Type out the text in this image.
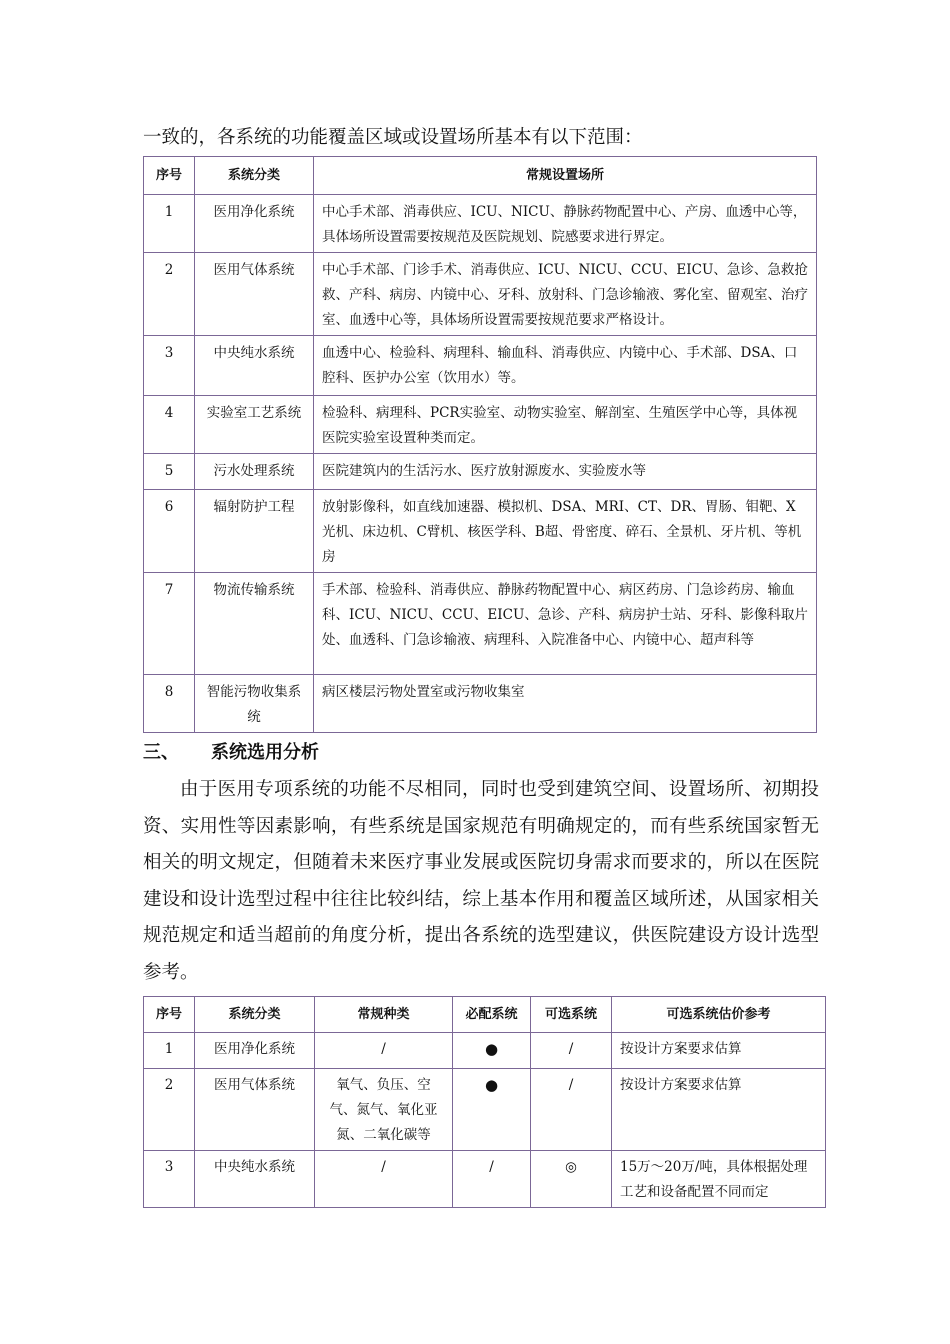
一致的，各系统的功能覆盖区域或设置场所基本有以下范围：
序号	系统分类	常规设置场所
1	医用净化系统	中心手术部、消毒供应、ICU、NICU、静脉药物配置中心、产房、血透中心等，具体场所设置需要按规范及医院规划、院感要求进行界定。
2	医用气体系统	中心手术部、门诊手术、消毒供应、ICU、NICU、CCU、EICU、急诊、急救抢救、产科、病房、内镜中心、牙科、放射科、门急诊输液、雾化室、留观室、治疗室、血透中心等，具体场所设置需要按规范要求严格设计。
3	中央纯水系统	血透中心、检验科、病理科、输血科、消毒供应、内镜中心、手术部、DSA、口腔科、医护办公室（饮用水）等。
4	实验室工艺系统	检验科、病理科、PCR实验室、动物实验室、解剖室、生殖医学中心等，具体视医院实验室设置种类而定。
5	污水处理系统	医院建筑内的生活污水、医疗放射源废水、实验废水等
6	辐射防护工程	放射影像科，如直线加速器、模拟机、DSA、MRI、CT、DR、胃肠、钼靶、X光机、床边机、C臂机、核医学科、B超、骨密度、碎石、全景机、牙片机、等机房
7	物流传输系统	手术部、检验科、消毒供应、静脉药物配置中心、病区药房、门急诊药房、输血科、ICU、NICU、CCU、EICU、急诊、产科、病房护士站、牙科、影像科取片处、血透科、门急诊输液、病理科、入院准备中心、内镜中心、超声科等
8	智能污物收集系统	病区楼层污物处置室或污物收集室
三、 系统选用分析
由于医用专项系统的功能不尽相同，同时也受到建筑空间、设置场所、初期投资、实用性等因素影响，有些系统是国家规范有明确规定的，而有些系统国家暂无相关的明文规定，但随着未来医疗事业发展或医院切身需求而要求的，所以在医院建设和设计选型过程中往往比较纠结，综上基本作用和覆盖区域所述，从国家相关规范规定和适当超前的角度分析，提出各系统的选型建议，供医院建设方设计选型参考。
序号	系统分类	常规种类	必配系统	可选系统	可选系统估价参考
1	医用净化系统	/	●	/	按设计方案要求估算
2	医用气体系统	氧气、负压、空气、氮气、氧化亚氮、二氧化碳等	●	/	按设计方案要求估算
3	中央纯水系统	/	/	◎	15万～20万/吨，具体根据处理工艺和设备配置不同而定
